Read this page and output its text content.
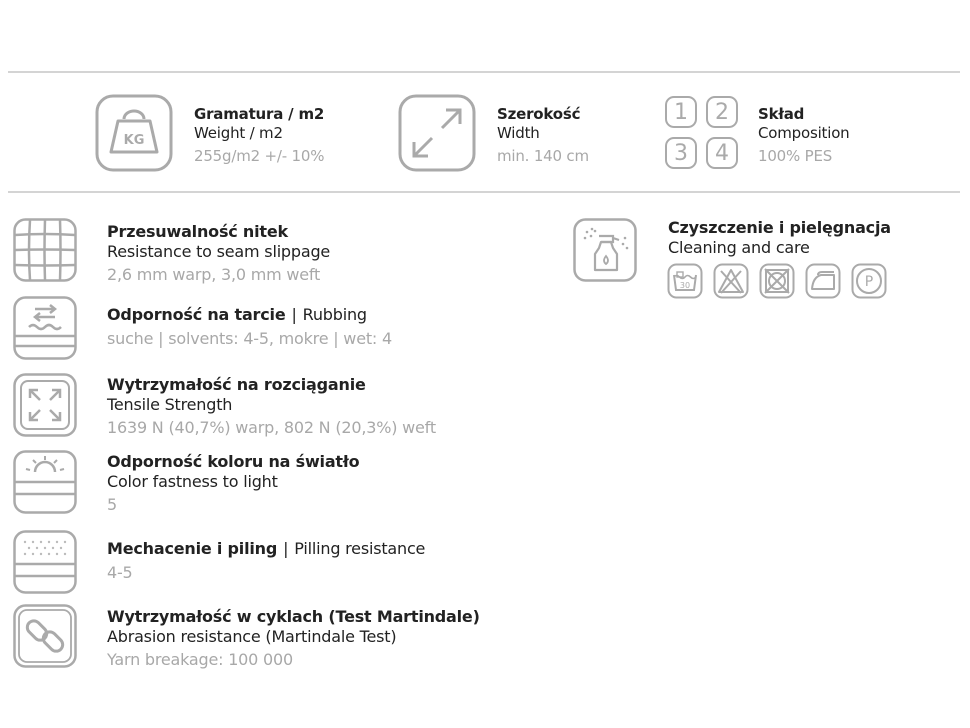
KG
Gramatura / m2
Weight / m2
255g/m2 +/- 10%
Szerokość
Width
min. 140 cm
1	2
3	4
Skład
Composition
100% PES
Przesuwalność nitek
Resistance to seam slippage
2,6 mm warp, 3,0 mm weft
Odporność na tarcie | Rubbing
suche | solvents: 4-5, mokre | wet: 4
Wytrzymałość na rozciąganie
Tensile Strength
1639 N (40,7%) warp, 802 N (20,3%) weft
Odporność koloru na światło
Color fastness to light
5
Mechacenie i piling | Pilling resistance
4-5
Wytrzymałość w cyklach (Test Martindale)
Abrasion resistance (Martindale Test)
Yarn breakage: 100 000
Czyszczenie i pielęgnacja
Cleaning and care
30	P
